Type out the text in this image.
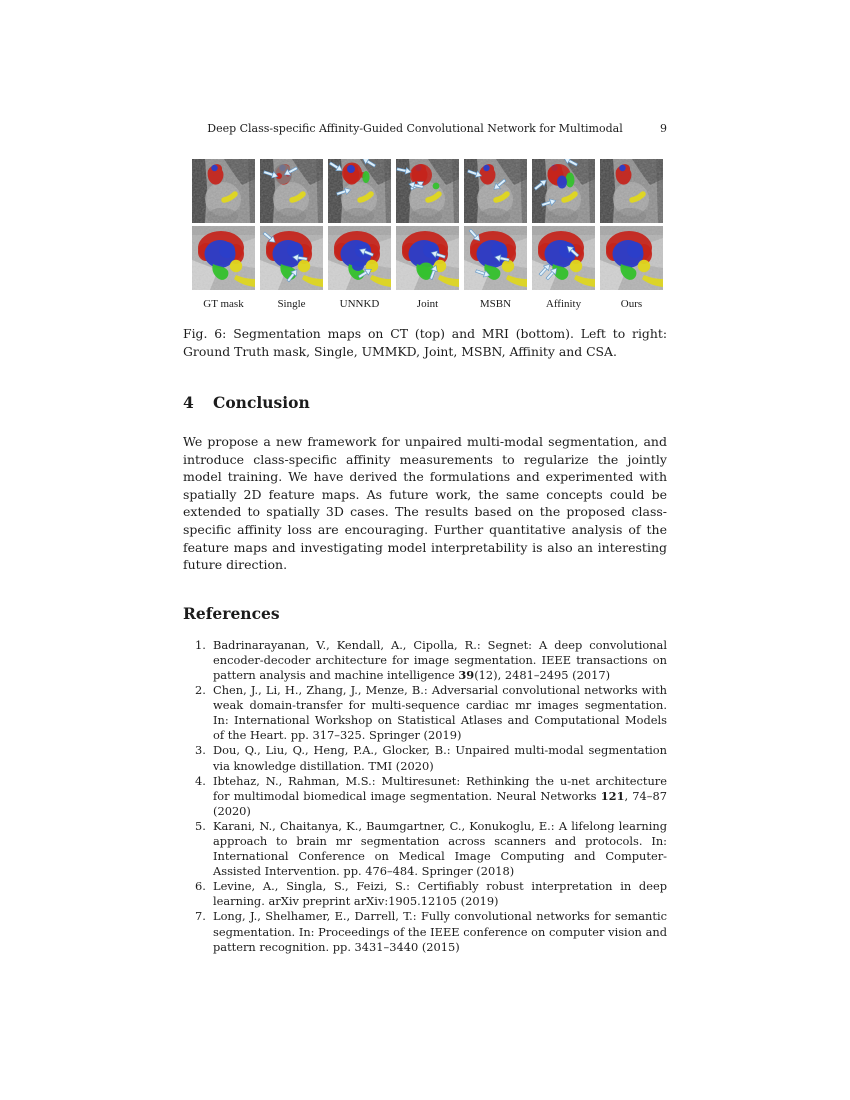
Deep Class-specific Affinity-Guided Convolutional Network for Multimodal	9
GT mask	Single	UNNKD	Joint	MSBN	Affinity	Ours

Fig. 6: Segmentation maps on CT (top) and MRI (bottom). Left to right: Ground Truth mask, Single, UMMKD, Joint, MSBN, Affinity and CSA.

4 Conclusion

We propose a new framework for unpaired multi-modal segmentation, and introduce class-specific affinity measurements to regularize the jointly model training. We have derived the formulations and experimented with spatially 2D feature maps. As future work, the same concepts could be extended to spatially 3D cases. The results based on the proposed class-specific affinity loss are encouraging. Further quantitative analysis of the feature maps and investigating model interpretability is also an interesting future direction.

References
1. Badrinarayanan, V., Kendall, A., Cipolla, R.: Segnet: A deep convolutional encoder-decoder architecture for image segmentation. IEEE transactions on pattern analysis and machine intelligence 39(12), 2481–2495 (2017)
2. Chen, J., Li, H., Zhang, J., Menze, B.: Adversarial convolutional networks with weak domain-transfer for multi-sequence cardiac mr images segmentation. In: International Workshop on Statistical Atlases and Computational Models of the Heart. pp. 317–325. Springer (2019)
3. Dou, Q., Liu, Q., Heng, P.A., Glocker, B.: Unpaired multi-modal segmentation via knowledge distillation. TMI (2020)
4. Ibtehaz, N., Rahman, M.S.: Multiresunet: Rethinking the u-net architecture for multimodal biomedical image segmentation. Neural Networks 121, 74–87 (2020)
5. Karani, N., Chaitanya, K., Baumgartner, C., Konukoglu, E.: A lifelong learning approach to brain mr segmentation across scanners and protocols. In: International Conference on Medical Image Computing and Computer-Assisted Intervention. pp. 476–484. Springer (2018)
6. Levine, A., Singla, S., Feizi, S.: Certifiably robust interpretation in deep learning. arXiv preprint arXiv:1905.12105 (2019)
7. Long, J., Shelhamer, E., Darrell, T.: Fully convolutional networks for semantic segmentation. In: Proceedings of the IEEE conference on computer vision and pattern recognition. pp. 3431–3440 (2015)
